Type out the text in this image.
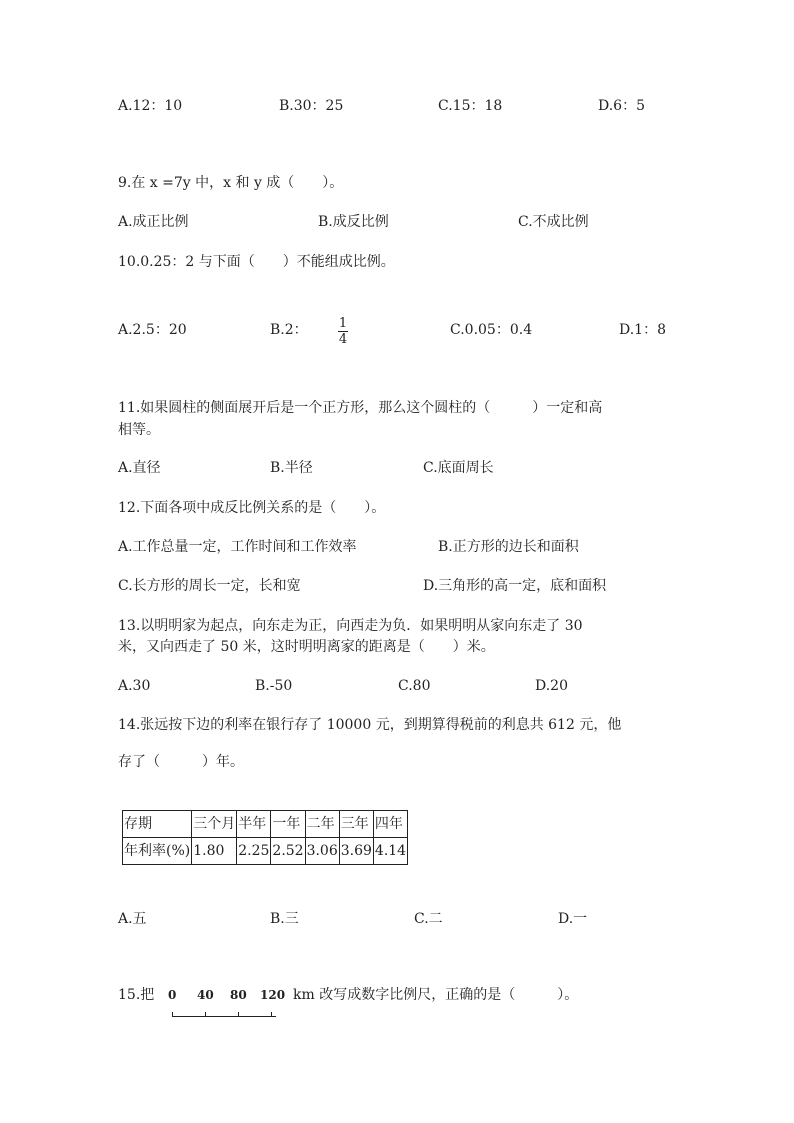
A.12：10	B.30：25	C.15：18	D.6：5
9.在 x =7y 中，x 和 y 成（　　）。
A.成正比例	B.成反比例	C.不成比例
10.0.25：2 与下面（　　）不能组成比例。
A.2.5：20	B.2： 1
4
C.0.05：0.4	D.1：8
11.如果圆柱的侧面展开后是一个正方形，那么这个圆柱的（　　　）一定和高
相等。
A.直径	B.半径	C.底面周长
12.下面各项中成反比例关系的是（　　）。
A.工作总量一定，工作时间和工作效率	B.正方形的边长和面积
C.长方形的周长一定，长和宽	D.三角形的高一定，底和面积
13.以明明家为起点，向东走为正，向西走为负．如果明明从家向东走了 30
米，又向西走了 50 米，这时明明离家的距离是（　　）米。
A.30	B.-50	C.80	D.20
14.张远按下边的利率在银行存了 10000 元，到期算得税前的利息共 612 元，他
存了（　　　）年。
存期	三个月	半年	一年	二年	三年	四年
年利率(%)	1.80	2.25	2.52	3.06	3.69	4.14
A.五	B.三	C.二	D.一
15.把 0 40 80 120 km 改写成数字比例尺，正确的是（　　　）。
